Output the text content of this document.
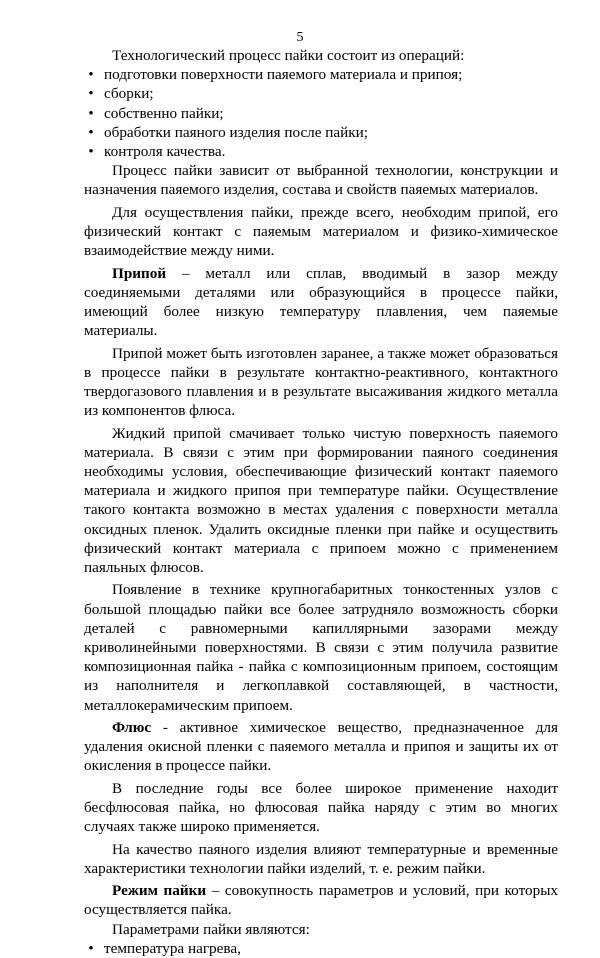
5

Технологический процесс пайки состоит из операций:

• подготовки поверхности паяемого материала и припоя;
• сборки;
• собственно пайки;
• обработки паяного изделия после пайки;
• контроля качества.

Процесс пайки зависит от выбранной технологии, конструкции и назначения паяемого изделия, состава и свойств паяемых материалов.

Для осуществления пайки, прежде всего, необходим припой, его физический контакт с паяемым материалом и физико-химическое взаимодействие между ними.

Припой – металл или сплав, вводимый в зазор между соединяемыми деталями или образующийся в процессе пайки, имеющий более низкую температуру плавления, чем паяемые материалы.

Припой может быть изготовлен заранее, а также может образоваться в процессе пайки в результате контактно-реактивного, контактного твердогазового плавления и в результате высаживания жидкого металла из компонентов флюса.

Жидкий припой смачивает только чистую поверхность паяемого материала. В связи с этим при формировании паяного соединения необходимы условия, обеспечивающие физический контакт паяемого материала и жидкого припоя при температуре пайки. Осуществление такого контакта возможно в местах удаления с поверхности металла оксидных пленок. Удалить оксидные пленки при пайке и осуществить физический контакт материала с припоем можно с применением паяльных флюсов.

Появление в технике крупногабаритных тонкостенных узлов с большой площадью пайки все более затрудняло возможность сборки деталей с равномерными капиллярными зазорами между криволинейными поверхностями. В связи с этим получила развитие композиционная пайка - пайка с композиционным припоем, состоящим из наполнителя и легкоплавкой составляющей, в частности, металлокерамическим припоем.

Флюс - активное химическое вещество, предназначенное для удаления окисной пленки с паяемого металла и припоя и защиты их от окисления в процессе пайки.

В последние годы все более широкое применение находит бесфлюсовая пайка, но флюсовая пайка наряду с этим во многих случаях также широко применяется.

На качество паяного изделия влияют температурные и временные характеристики технологии пайки изделий, т. е. режим пайки.

Режим пайки – совокупность параметров и условий, при которых осуществляется пайка.

Параметрами пайки являются:

• температура нагрева,
